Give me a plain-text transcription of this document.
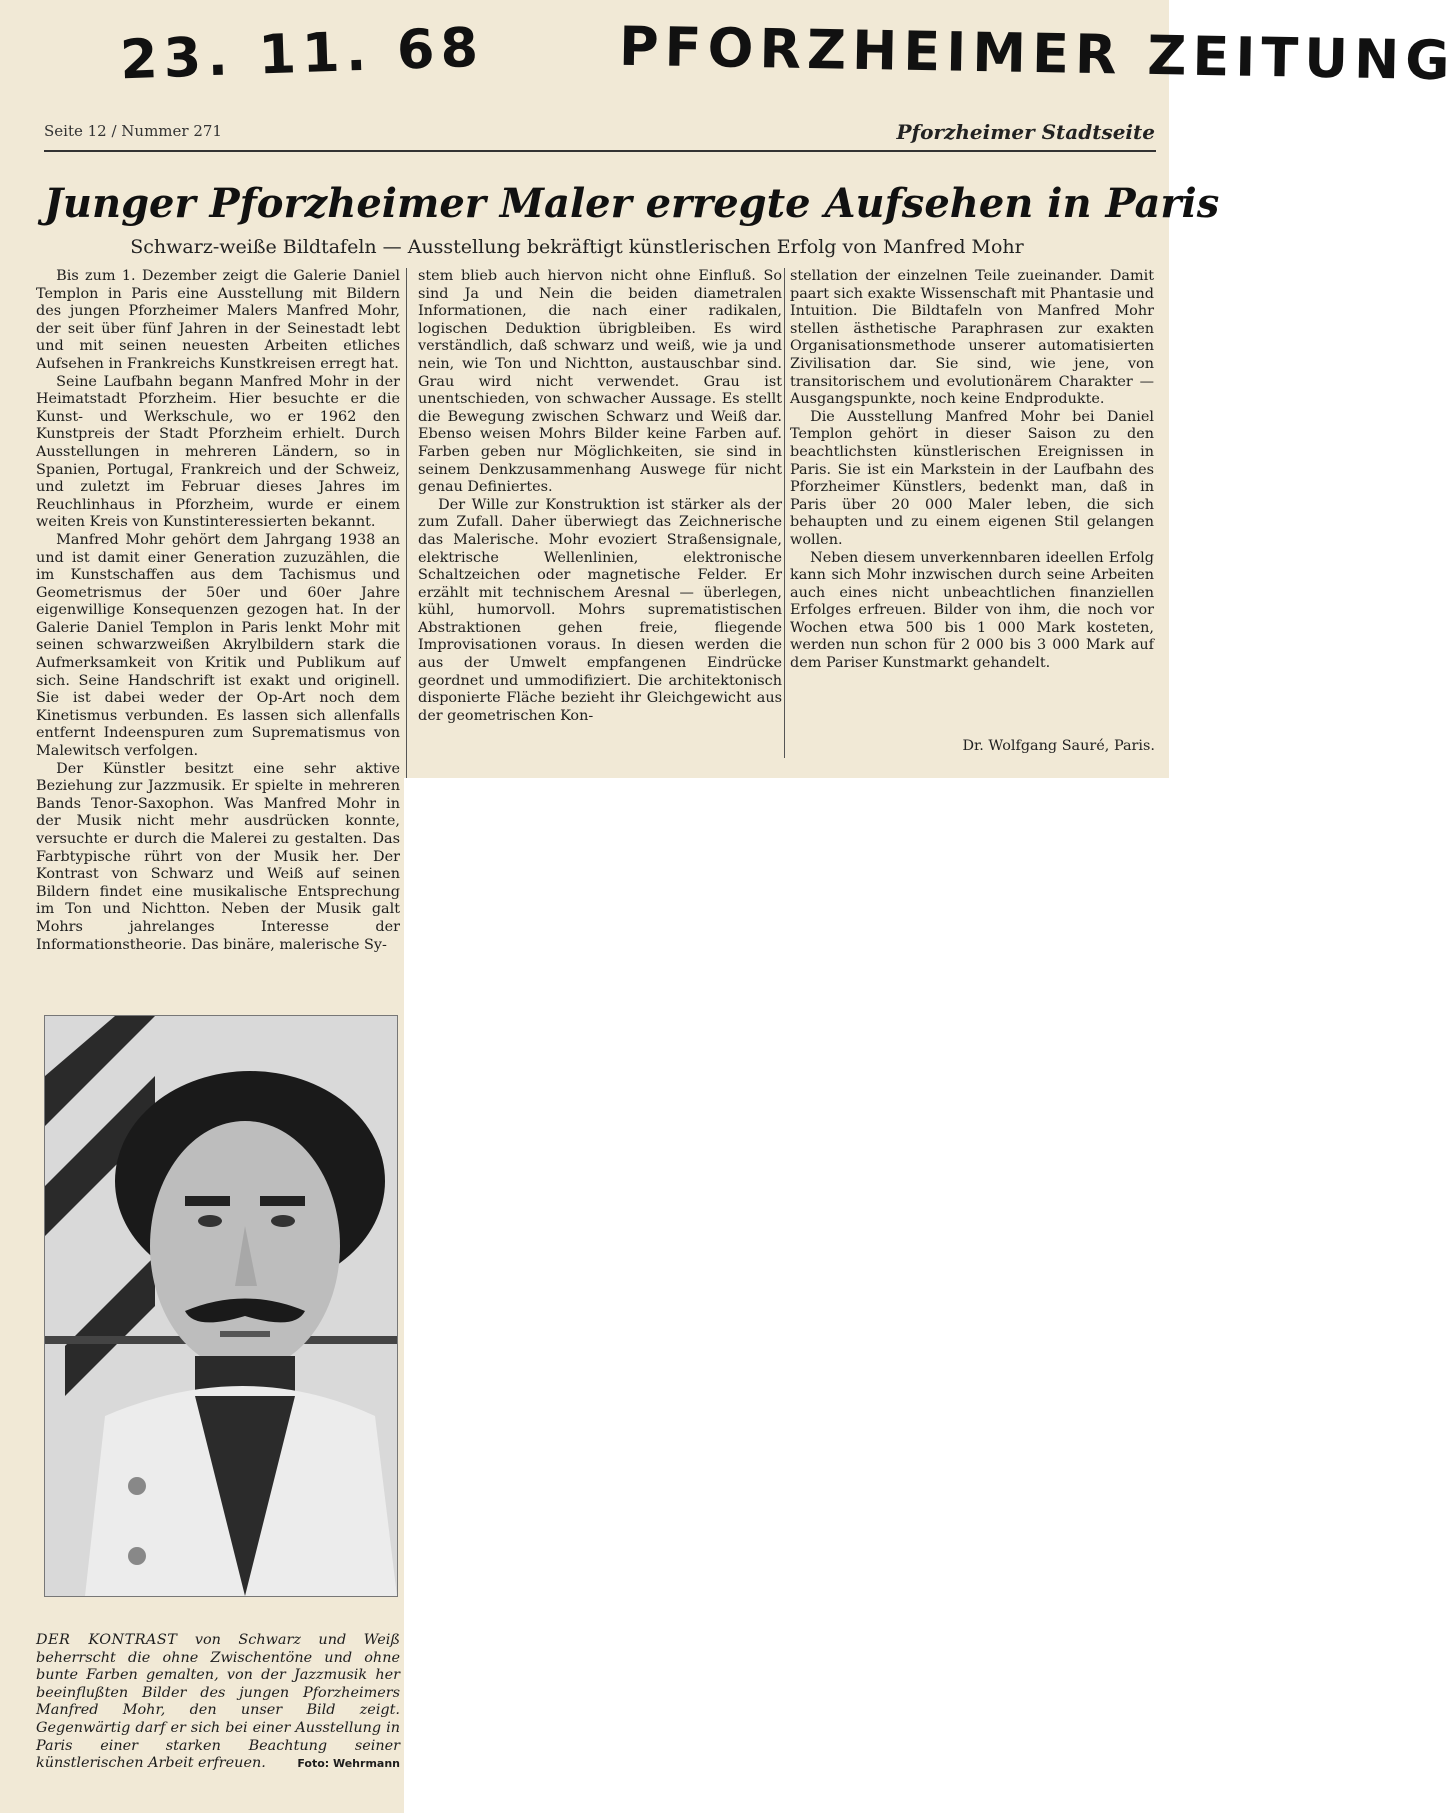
23. 11. 68 PFORZHEIMER ZEITUNG
Seite 12 / Nummer 271	Pforzheimer Stadtseite
Junger Pforzheimer Maler erregte Aufsehen in Paris
Schwarz-weiße Bildtafeln — Ausstellung bekräftigt künstlerischen Erfolg von Manfred Mohr

Bis zum 1. Dezember zeigt die Galerie Daniel Templon in Paris eine Ausstellung mit Bildern des jungen Pforzheimer Malers Manfred Mohr, der seit über fünf Jahren in der Seinestadt lebt und mit seinen neuesten Arbeiten etliches Aufsehen in Frankreichs Kunstkreisen erregt hat.

Seine Laufbahn begann Manfred Mohr in der Heimatstadt Pforzheim. Hier besuchte er die Kunst- und Werkschule, wo er 1962 den Kunstpreis der Stadt Pforzheim erhielt. Durch Ausstellungen in mehreren Ländern, so in Spanien, Portugal, Frankreich und der Schweiz, und zuletzt im Februar dieses Jahres im Reuchlinhaus in Pforzheim, wurde er einem weiten Kreis von Kunstinteressierten bekannt.

Manfred Mohr gehört dem Jahrgang 1938 an und ist damit einer Generation zuzuzählen, die im Kunstschaffen aus dem Tachismus und Geometrismus der 50er und 60er Jahre eigenwillige Konsequenzen gezogen hat. In der Galerie Daniel Templon in Paris lenkt Mohr mit seinen schwarzweißen Akrylbildern stark die Aufmerksamkeit von Kritik und Publikum auf sich. Seine Handschrift ist exakt und originell. Sie ist dabei weder der Op-Art noch dem Kinetismus verbunden. Es lassen sich allenfalls entfernt Indeenspuren zum Suprematismus von Malewitsch verfolgen.

Der Künstler besitzt eine sehr aktive Beziehung zur Jazzmusik. Er spielte in mehreren Bands Tenor-Saxophon. Was Manfred Mohr in der Musik nicht mehr ausdrücken konnte, versuchte er durch die Malerei zu gestalten. Das Farbtypische rührt von der Musik her. Der Kontrast von Schwarz und Weiß auf seinen Bildern findet eine musikalische Entsprechung im Ton und Nichtton. Neben der Musik galt Mohrs jahrelanges Interesse der Informationstheorie. Das binäre, malerische Sy-

stem blieb auch hiervon nicht ohne Einfluß. So sind Ja und Nein die beiden diametralen Informationen, die nach einer radikalen, logischen Deduktion übrigbleiben. Es wird verständlich, daß schwarz und weiß, wie ja und nein, wie Ton und Nichtton, austauschbar sind. Grau wird nicht verwendet. Grau ist unentschieden, von schwacher Aussage. Es stellt die Bewegung zwischen Schwarz und Weiß dar. Ebenso weisen Mohrs Bilder keine Farben auf. Farben geben nur Möglichkeiten, sie sind in seinem Denkzusammenhang Auswege für nicht genau Definiertes.

Der Wille zur Konstruktion ist stärker als der zum Zufall. Daher überwiegt das Zeichnerische das Malerische. Mohr evoziert Straßensignale, elektrische Wellenlinien, elektronische Schaltzeichen oder magnetische Felder. Er erzählt mit technischem Aresnal — überlegen, kühl, humorvoll. Mohrs suprematistischen Abstraktionen gehen freie, fliegende Improvisationen voraus. In diesen werden die aus der Umwelt empfangenen Eindrücke geordnet und ummodifiziert. Die architektonisch disponierte Fläche bezieht ihr Gleichgewicht aus der geometrischen Kon-

stellation der einzelnen Teile zueinander. Damit paart sich exakte Wissenschaft mit Phantasie und Intuition. Die Bildtafeln von Manfred Mohr stellen ästhetische Paraphrasen zur exakten Organisationsmethode unserer automatisierten Zivilisation dar. Sie sind, wie jene, von transitorischem und evolutionärem Charakter — Ausgangspunkte, noch keine Endprodukte.

Die Ausstellung Manfred Mohr bei Daniel Templon gehört in dieser Saison zu den beachtlichsten künstlerischen Ereignissen in Paris. Sie ist ein Markstein in der Laufbahn des Pforzheimer Künstlers, bedenkt man, daß in Paris über 20 000 Maler leben, die sich behaupten und zu einem eigenen Stil gelangen wollen.

Neben diesem unverkennbaren ideellen Erfolg kann sich Mohr inzwischen durch seine Arbeiten auch eines nicht unbeachtlichen finanziellen Erfolges erfreuen. Bilder von ihm, die noch vor Wochen etwa 500 bis 1 000 Mark kosteten, werden nun schon für 2 000 bis 3 000 Mark auf dem Pariser Kunstmarkt gehandelt.

Dr. Wolfgang Sauré, Paris.
DER KONTRAST von Schwarz und Weiß beherrscht die ohne Zwischentöne und ohne bunte Farben gemalten, von der Jazzmusik her beeinflußten Bilder des jungen Pforzheimers Manfred Mohr, den unser Bild zeigt. Gegenwärtig darf er sich bei einer Ausstellung in Paris einer starken Beachtung seiner künstlerischen Arbeit erfreuen.	Foto: Wehrmann
